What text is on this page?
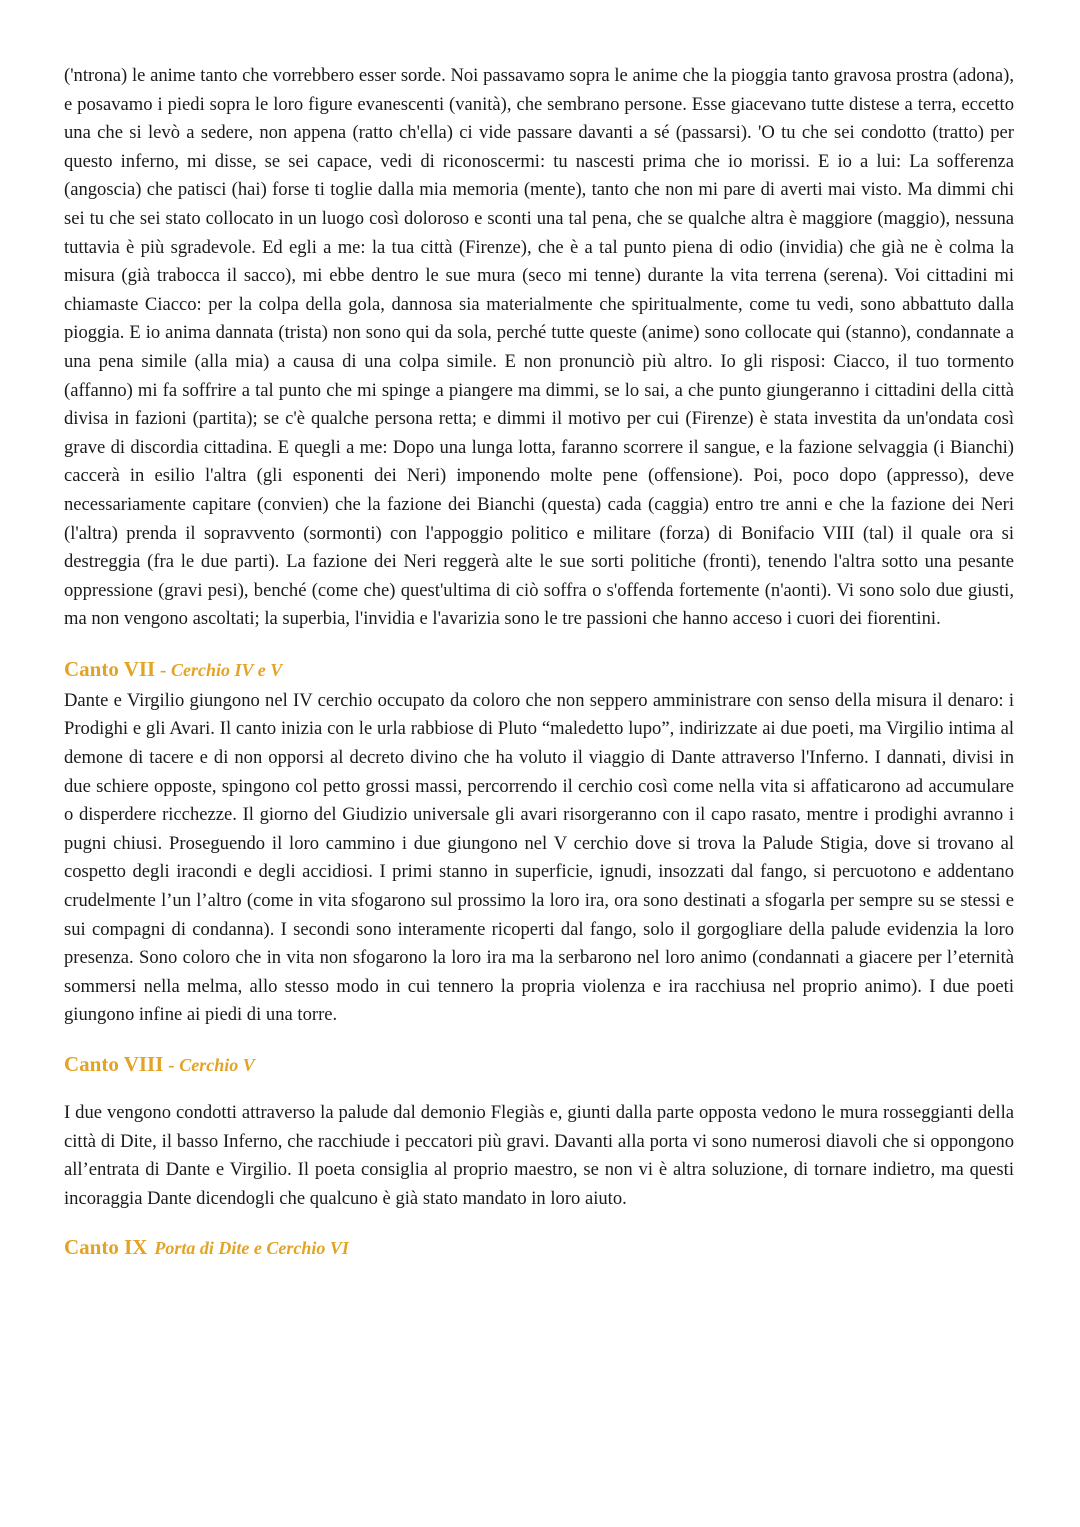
('ntrona) le anime tanto che vorrebbero esser sorde. Noi passavamo sopra le anime che la pioggia tanto gravosa prostra (adona), e posavamo i piedi sopra le loro figure evanescenti (vanità), che sembrano persone. Esse giacevano tutte distese a terra, eccetto una che si levò a sedere, non appena (ratto ch'ella) ci vide passare davanti a sé (passarsi). 'O tu che sei condotto (tratto) per questo inferno, mi disse, se sei capace, vedi di riconoscermi: tu nascesti prima che io morissi. E io a lui: La sofferenza (angoscia) che patisci (hai) forse ti toglie dalla mia memoria (mente), tanto che non mi pare di averti mai visto. Ma dimmi chi sei tu che sei stato collocato in un luogo così doloroso e sconti una tal pena, che se qualche altra è maggiore (maggio), nessuna tuttavia è più sgradevole. Ed egli a me: la tua città (Firenze), che è a tal punto piena di odio (invidia) che già ne è colma la misura (già trabocca il sacco), mi ebbe dentro le sue mura (seco mi tenne) durante la vita terrena (serena). Voi cittadini mi chiamaste Ciacco: per la colpa della gola, dannosa sia materialmente che spiritualmente, come tu vedi, sono abbattuto dalla pioggia. E io anima dannata (trista) non sono qui da sola, perché tutte queste (anime) sono collocate qui (stanno), condannate a una pena simile (alla mia) a causa di una colpa simile. E non pronunciò più altro. Io gli risposi: Ciacco, il tuo tormento (affanno) mi fa soffrire a tal punto che mi spinge a piangere ma dimmi, se lo sai, a che punto giungeranno i cittadini della città divisa in fazioni (partita); se c'è qualche persona retta; e dimmi il motivo per cui (Firenze) è stata investita da un'ondata così grave di discordia cittadina. E quegli a me: Dopo una lunga lotta, faranno scorrere il sangue, e la fazione selvaggia (i Bianchi) caccerà in esilio l'altra (gli esponenti dei Neri) imponendo molte pene (offensione). Poi, poco dopo (appresso), deve necessariamente capitare (convien) che la fazione dei Bianchi (questa) cada (caggia) entro tre anni e che la fazione dei Neri (l'altra) prenda il sopravvento (sormonti) con l'appoggio politico e militare (forza) di Bonifacio VIII (tal) il quale ora si destreggia (fra le due parti). La fazione dei Neri reggerà alte le sue sorti politiche (fronti), tenendo l'altra sotto una pesante oppressione (gravi pesi), benché (come che) quest'ultima di ciò soffra o s'offenda fortemente (n'aonti). Vi sono solo due giusti, ma non vengono ascoltati; la superbia, l'invidia e l'avarizia sono le tre passioni che hanno acceso i cuori dei fiorentini.

Canto VII - Cerchio IV e V

Dante e Virgilio giungono nel IV cerchio occupato da coloro che non seppero amministrare con senso della misura il denaro: i Prodighi e gli Avari. Il canto inizia con le urla rabbiose di Pluto “maledetto lupo”, indirizzate ai due poeti, ma Virgilio intima al demone di tacere e di non opporsi al decreto divino che ha voluto il viaggio di Dante attraverso l'Inferno. I dannati, divisi in due schiere opposte, spingono col petto grossi massi, percorrendo il cerchio così come nella vita si affaticarono ad accumulare o disperdere ricchezze. Il giorno del Giudizio universale gli avari risorgeranno con il capo rasato, mentre i prodighi avranno i pugni chiusi. Proseguendo il loro cammino i due giungono nel V cerchio dove si trova la Palude Stigia, dove si trovano al cospetto degli iracondi e degli accidiosi. I primi stanno in superficie, ignudi, insozzati dal fango, si percuotono e addentano crudelmente l’un l’altro (come in vita sfogarono sul prossimo la loro ira, ora sono destinati a sfogarla per sempre su se stessi e sui compagni di condanna). I secondi sono interamente ricoperti dal fango, solo il gorgogliare della palude evidenzia la loro presenza. Sono coloro che in vita non sfogarono la loro ira ma la serbarono nel loro animo (condannati a giacere per l’eternità sommersi nella melma, allo stesso modo in cui tennero la propria violenza e ira racchiusa nel proprio animo). I due poeti giungono infine ai piedi di una torre.

Canto VIII - Cerchio V

I due vengono condotti attraverso la palude dal demonio Flegiàs e, giunti dalla parte opposta vedono le mura rosseggianti della città di Dite, il basso Inferno, che racchiude i peccatori più gravi. Davanti alla porta vi sono numerosi diavoli che si oppongono all’entrata di Dante e Virgilio. Il poeta consiglia al proprio maestro, se non vi è altra soluzione, di tornare indietro, ma questi incoraggia Dante dicendogli che qualcuno è già stato mandato in loro aiuto.

Canto IX Porta di Dite e Cerchio VI
